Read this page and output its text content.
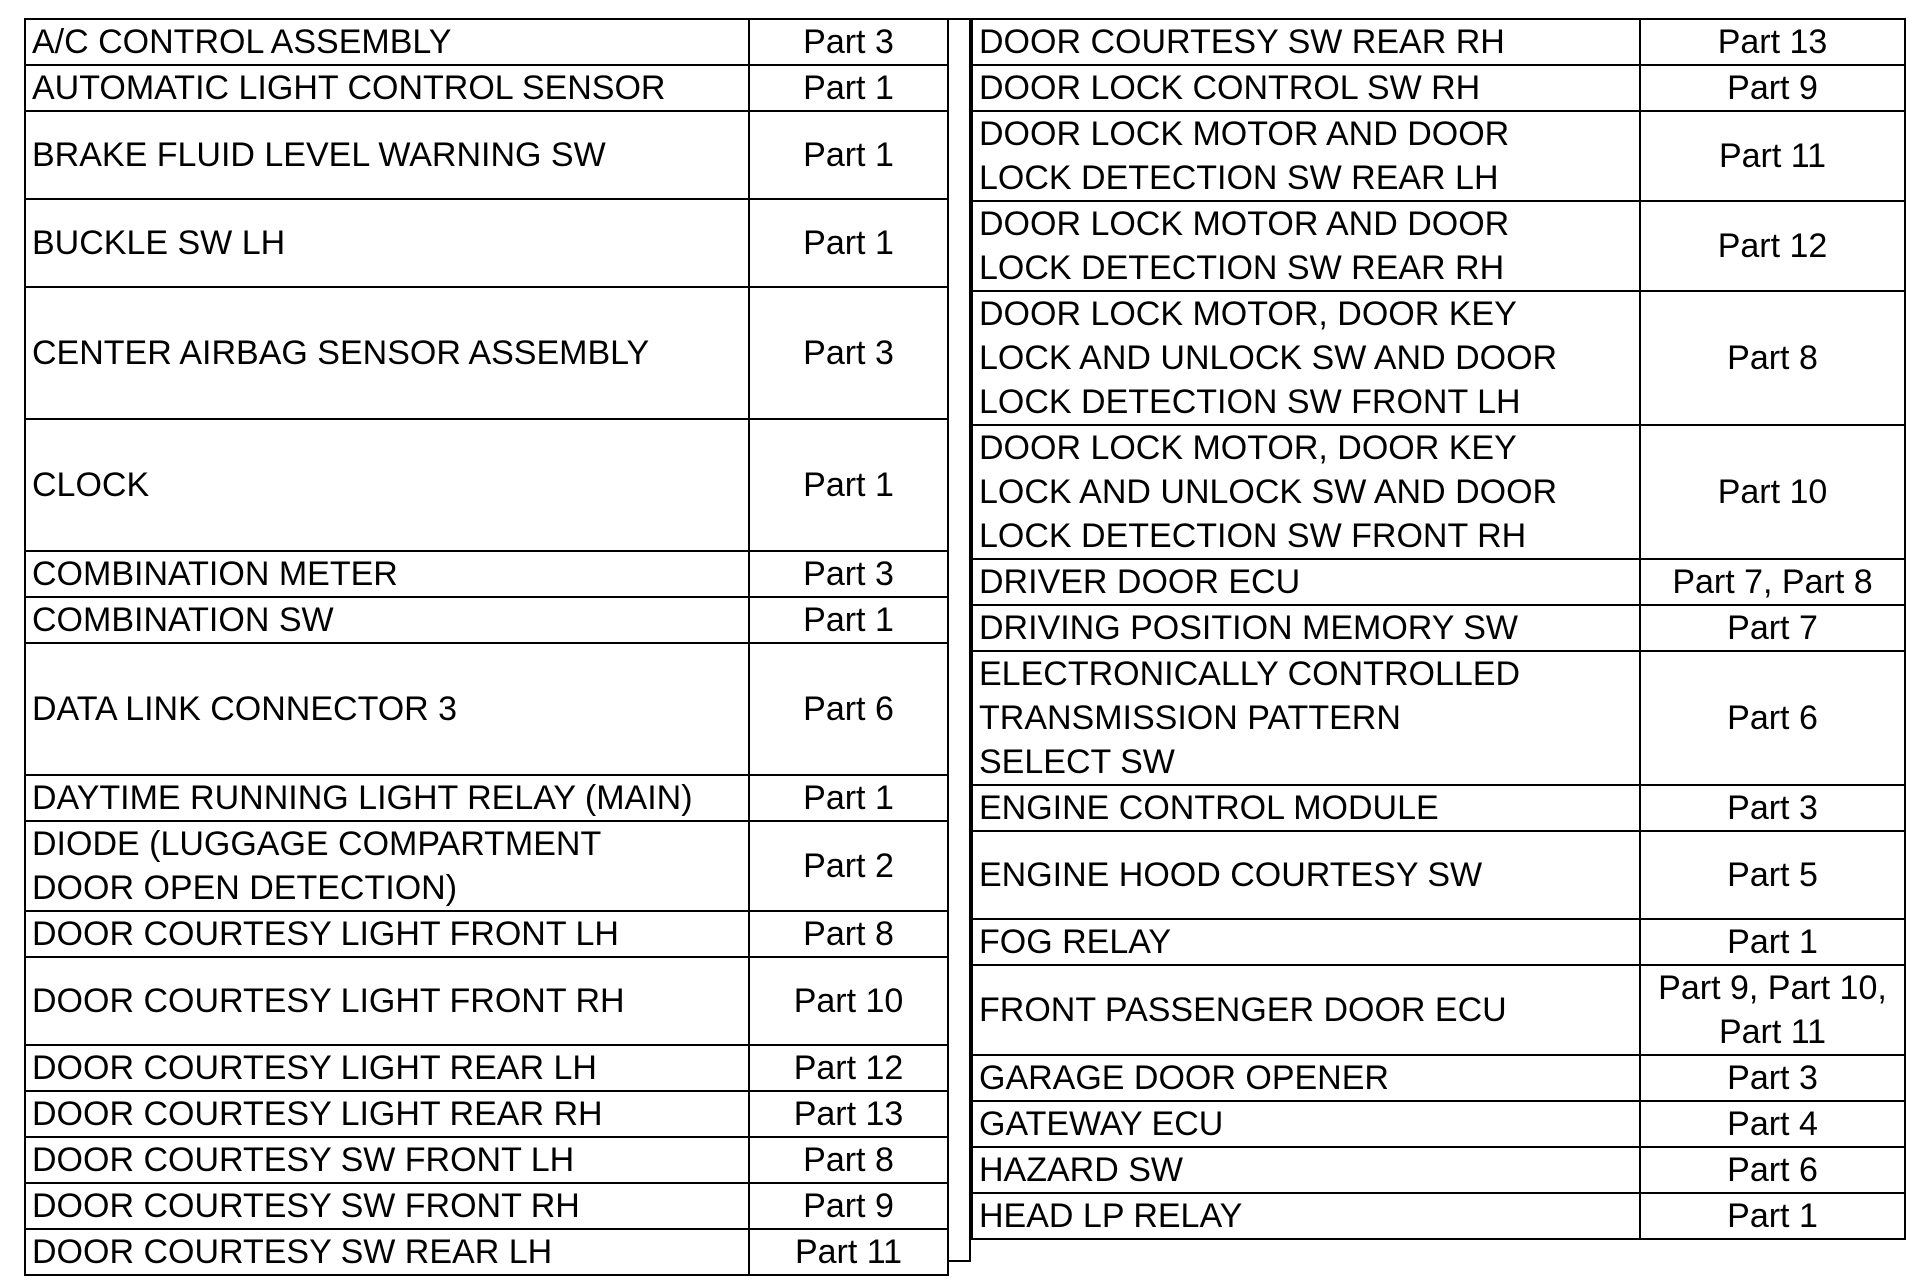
A/C CONTROL ASSEMBLY	Part 3
AUTOMATIC LIGHT CONTROL SENSOR	Part 1
BRAKE FLUID LEVEL WARNING SW	Part 1
BUCKLE SW LH	Part 1
CENTER AIRBAG SENSOR ASSEMBLY	Part 3
CLOCK	Part 1
COMBINATION METER	Part 3
COMBINATION SW	Part 1
DATA LINK CONNECTOR 3	Part 6
DAYTIME RUNNING LIGHT RELAY (MAIN)	Part 1
DIODE (LUGGAGE COMPARTMENT
DOOR OPEN DETECTION)	Part 2
DOOR COURTESY LIGHT FRONT LH	Part 8
DOOR COURTESY LIGHT FRONT RH	Part 10
DOOR COURTESY LIGHT REAR LH	Part 12
DOOR COURTESY LIGHT REAR RH	Part 13
DOOR COURTESY SW FRONT LH	Part 8
DOOR COURTESY SW FRONT RH	Part 9
DOOR COURTESY SW REAR LH	Part 11
DOOR COURTESY SW REAR RH	Part 13
DOOR LOCK CONTROL SW RH	Part 9
DOOR LOCK MOTOR AND DOOR
LOCK DETECTION SW REAR LH	Part 11
DOOR LOCK MOTOR AND DOOR
LOCK DETECTION SW REAR RH	Part 12
DOOR LOCK MOTOR, DOOR KEY
LOCK AND UNLOCK SW AND DOOR
LOCK DETECTION SW FRONT LH	Part 8
DOOR LOCK MOTOR, DOOR KEY
LOCK AND UNLOCK SW AND DOOR
LOCK DETECTION SW FRONT RH	Part 10
DRIVER DOOR ECU	Part 7, Part 8
DRIVING POSITION MEMORY SW	Part 7
ELECTRONICALLY CONTROLLED
TRANSMISSION PATTERN
SELECT SW	Part 6
ENGINE CONTROL MODULE	Part 3
ENGINE HOOD COURTESY SW	Part 5
FOG RELAY	Part 1
FRONT PASSENGER DOOR ECU	Part 9, Part 10,
Part 11
GARAGE DOOR OPENER	Part 3
GATEWAY ECU	Part 4
HAZARD SW	Part 6
HEAD LP RELAY	Part 1
